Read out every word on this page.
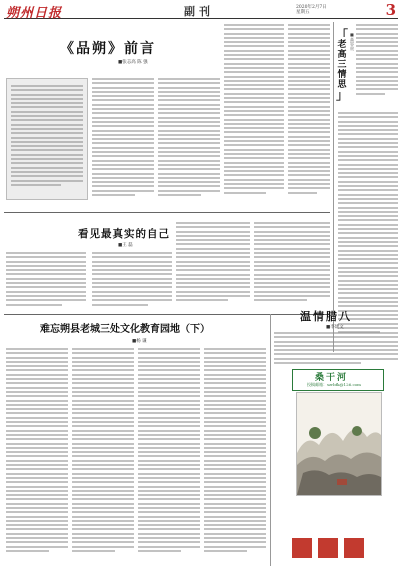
朔州日报	副刊	2020年2月7日
星期五	3
《品朔》前言
■张志高 陈 强
「
老高三情思
」
■高忠贵
看见最真实的自己
■王 磊
难忘朔县老城三处文化教育园地（下）
■杨 谦
温情腊八
■李建文
桑干河
投稿邮箱：szrbfk@126.com
